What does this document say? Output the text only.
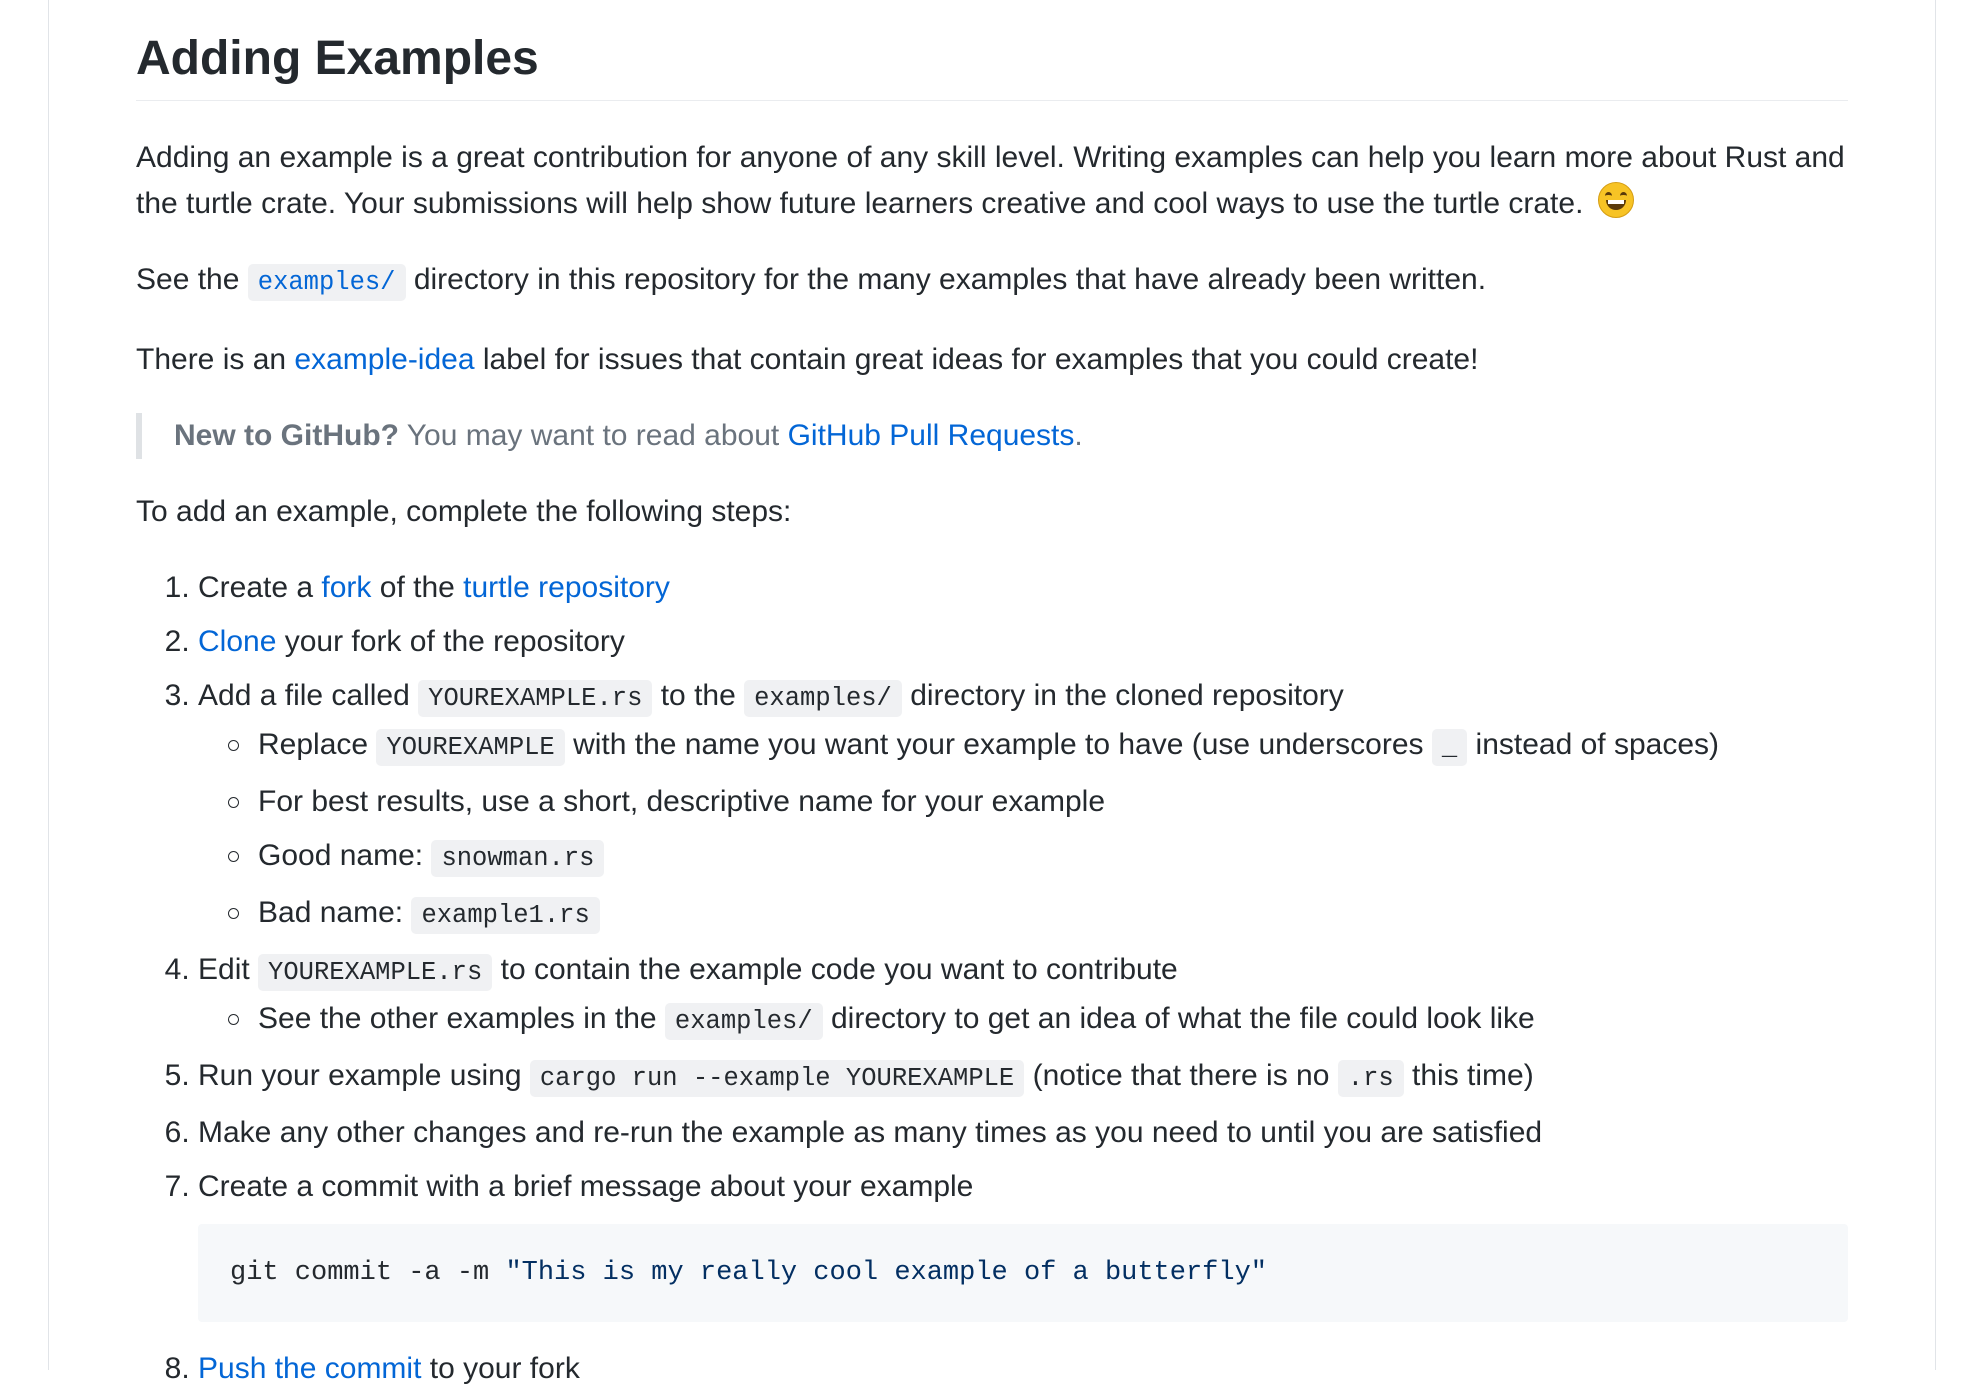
Adding Examples

Adding an example is a great contribution for anyone of any skill level. Writing examples can help you learn more about Rust and the turtle crate. Your submissions will help show future learners creative and cool ways to use the turtle crate.

See the examples/ directory in this repository for the many examples that have already been written.

There is an example-idea label for issues that contain great ideas for examples that you could create!

New to GitHub? You may want to read about GitHub Pull Requests.

To add an example, complete the following steps:

1. Create a fork of the turtle repository
2. Clone your fork of the repository
3. Add a file called YOUREXAMPLE.rs to the examples/ directory in the cloned repository
Replace YOUREXAMPLE with the name you want your example to have (use underscores _ instead of spaces)
For best results, use a short, descriptive name for your example
Good name: snowman.rs
Bad name: example1.rs
4. Edit YOUREXAMPLE.rs to contain the example code you want to contribute
See the other examples in the examples/ directory to get an idea of what the file could look like
5. Run your example using cargo run --example YOUREXAMPLE (notice that there is no .rs this time)
6. Make any other changes and re-run the example as many times as you need to until you are satisfied
7. Create a commit with a brief message about your example
git commit -a -m "This is my really cool example of a butterfly"
8. Push the commit to your fork
